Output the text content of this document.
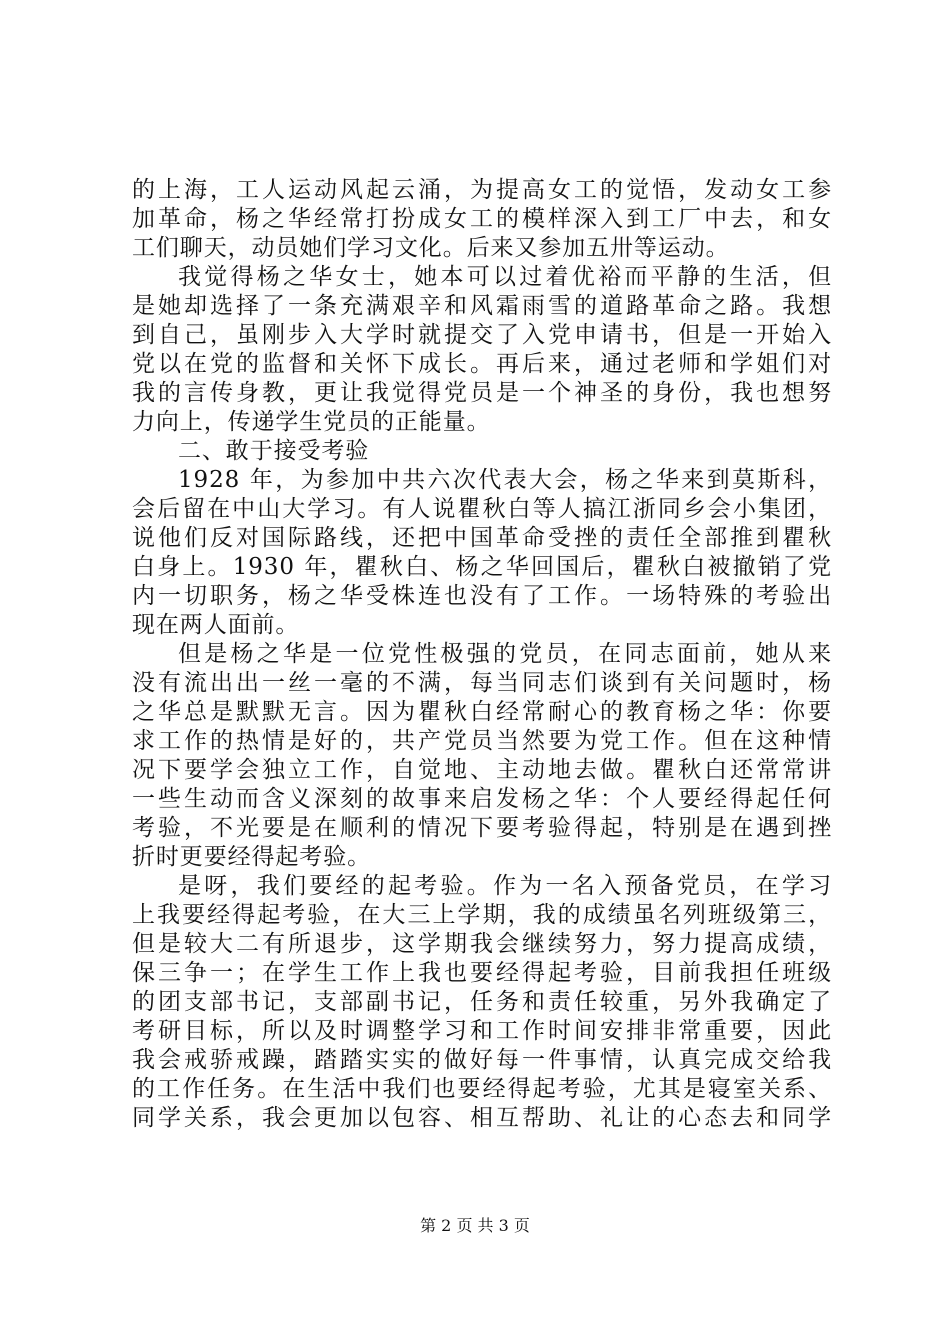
的上海，工人运动风起云涌，为提高女工的觉悟，发动女工参
加革命，杨之华经常打扮成女工的模样深入到工厂中去，和女
工们聊天，动员她们学习文化。后来又参加五卅等运动。
我觉得杨之华女士，她本可以过着优裕而平静的生活，但
是她却选择了一条充满艰辛和风霜雨雪的道路革命之路。我想
到自己，虽刚步入大学时就提交了入党申请书，但是一开始入
党以在党的监督和关怀下成长。再后来，通过老师和学姐们对
我的言传身教，更让我觉得党员是一个神圣的身份，我也想努
力向上，传递学生党员的正能量。
二、敢于接受考验
1928 年，为参加中共六次代表大会，杨之华来到莫斯科，
会后留在中山大学习。有人说瞿秋白等人搞江浙同乡会小集团，
说他们反对国际路线，还把中国革命受挫的责任全部推到瞿秋
白身上。1930 年，瞿秋白、杨之华回国后，瞿秋白被撤销了党
内一切职务，杨之华受株连也没有了工作。一场特殊的考验出
现在两人面前。
但是杨之华是一位党性极强的党员，在同志面前，她从来
没有流出出一丝一毫的不满，每当同志们谈到有关问题时，杨
之华总是默默无言。因为瞿秋白经常耐心的教育杨之华：你要
求工作的热情是好的，共产党员当然要为党工作。但在这种情
况下要学会独立工作，自觉地、主动地去做。瞿秋白还常常讲
一些生动而含义深刻的故事来启发杨之华：个人要经得起任何
考验，不光要是在顺利的情况下要考验得起，特别是在遇到挫
折时更要经得起考验。
是呀，我们要经的起考验。作为一名入预备党员，在学习
上我要经得起考验，在大三上学期，我的成绩虽名列班级第三，
但是较大二有所退步，这学期我会继续努力，努力提高成绩，
保三争一；在学生工作上我也要经得起考验，目前我担任班级
的团支部书记，支部副书记，任务和责任较重，另外我确定了
考研目标，所以及时调整学习和工作时间安排非常重要，因此
我会戒骄戒躁，踏踏实实的做好每一件事情，认真完成交给我
的工作任务。在生活中我们也要经得起考验，尤其是寝室关系、
同学关系，我会更加以包容、相互帮助、礼让的心态去和同学
第 2 页 共 3 页
